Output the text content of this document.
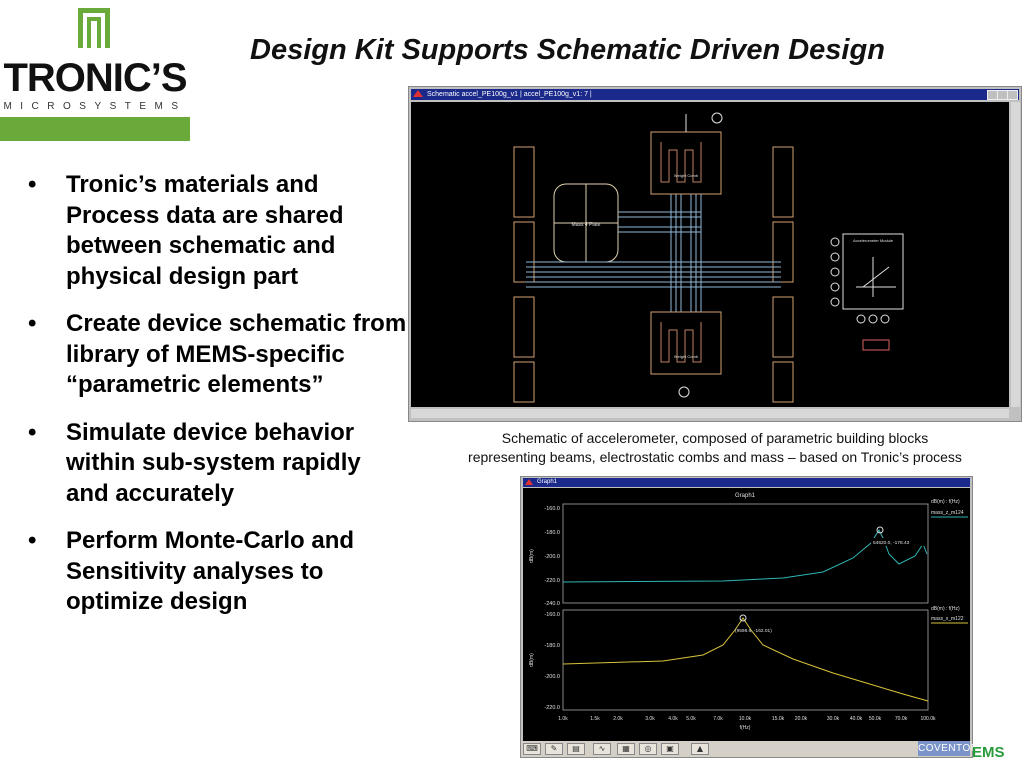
TRONIC’S
MICROSYSTEMS
Design Kit Supports Schematic Driven Design
• Tronic’s materials and Process data are shared between schematic and physical design part
• Create device schematic from library of MEMS-specific “parametric elements”
• Simulate device behavior within sub-system rapidly and accurately
• Perform Monte-Carlo and Sensitivity analyses to optimize design
Schematic accel_PE100g_v1 | accel_PE100g_v1: 7 |
Mass 4 Plate
Accelerometer Module
Weight Comb
Weight Comb
Schematic of accelerometer, composed of parametric building blocks
representing beams, electrostatic combs and mass – based on Tronic’s process
Graph1
Graph1
-160.0
-180.0
-200.0
-220.0
-240.0
dB(m)
dB(m) : f(Hz)
mass_z_m124
54620.0, -178.43
-160.0
-180.0
-200.0
-220.0
dB(m)
dB(m) : f(Hz)
mass_x_m122
(9598.6, -162.01)
1.0k	1.5k	2.0k	3.0k	4.0k 5.0k	7.0k	10.0k	15.0k 20.0k	30.0k 40.0k 50.0k	70.0k	100.0k
f(Hz)
⌨	✎	▤	∿	▦	◎	▣	▲	COVENTOR
EMS
